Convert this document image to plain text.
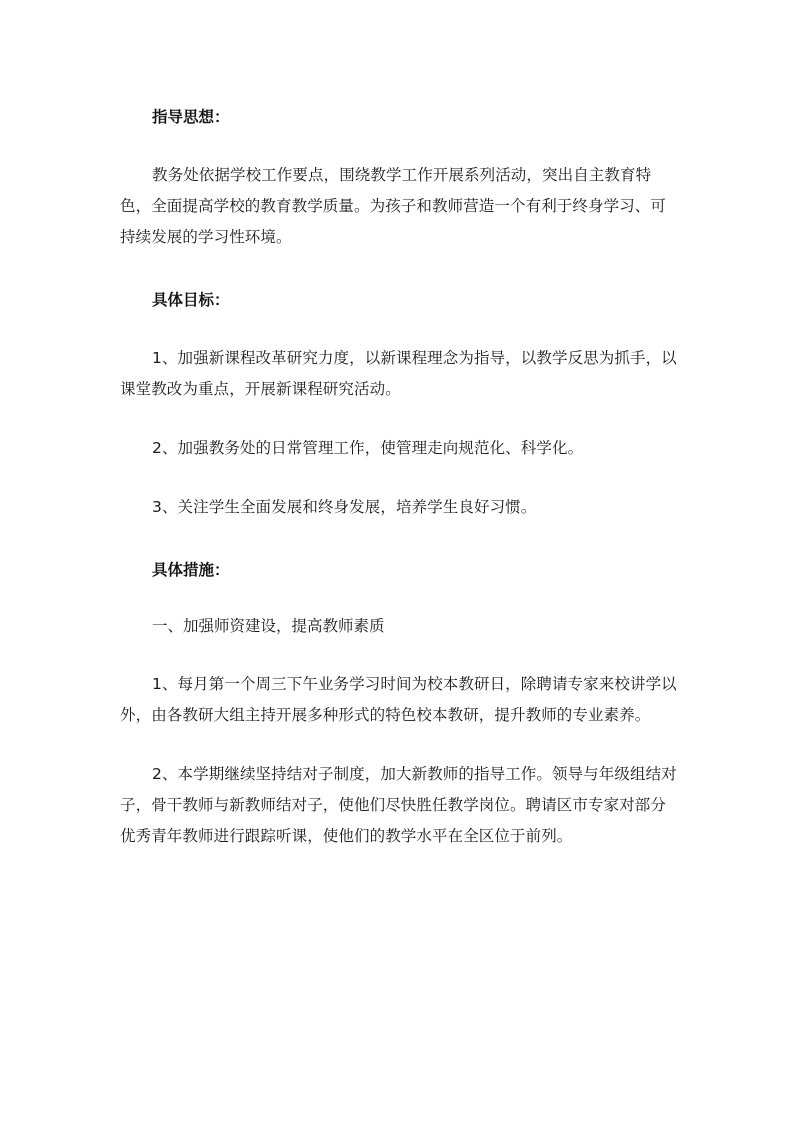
指导思想：

教务处依据学校工作要点，围绕教学工作开展系列活动，突出自主教育特色，全面提高学校的教育教学质量。为孩子和教师营造一个有利于终身学习、可持续发展的学习性环境。

具体目标：

1、加强新课程改革研究力度，以新课程理念为指导，以教学反思为抓手，以课堂教改为重点，开展新课程研究活动。

2、加强教务处的日常管理工作，使管理走向规范化、科学化。

3、关注学生全面发展和终身发展，培养学生良好习惯。

具体措施：

一、加强师资建设，提高教师素质

1、每月第一个周三下午业务学习时间为校本教研日，除聘请专家来校讲学以外，由各教研大组主持开展多种形式的特色校本教研，提升教师的专业素养。

2、本学期继续坚持结对子制度，加大新教师的指导工作。领导与年级组结对子，骨干教师与新教师结对子，使他们尽快胜任教学岗位。聘请区市专家对部分优秀青年教师进行跟踪听课，使他们的教学水平在全区位于前列。
